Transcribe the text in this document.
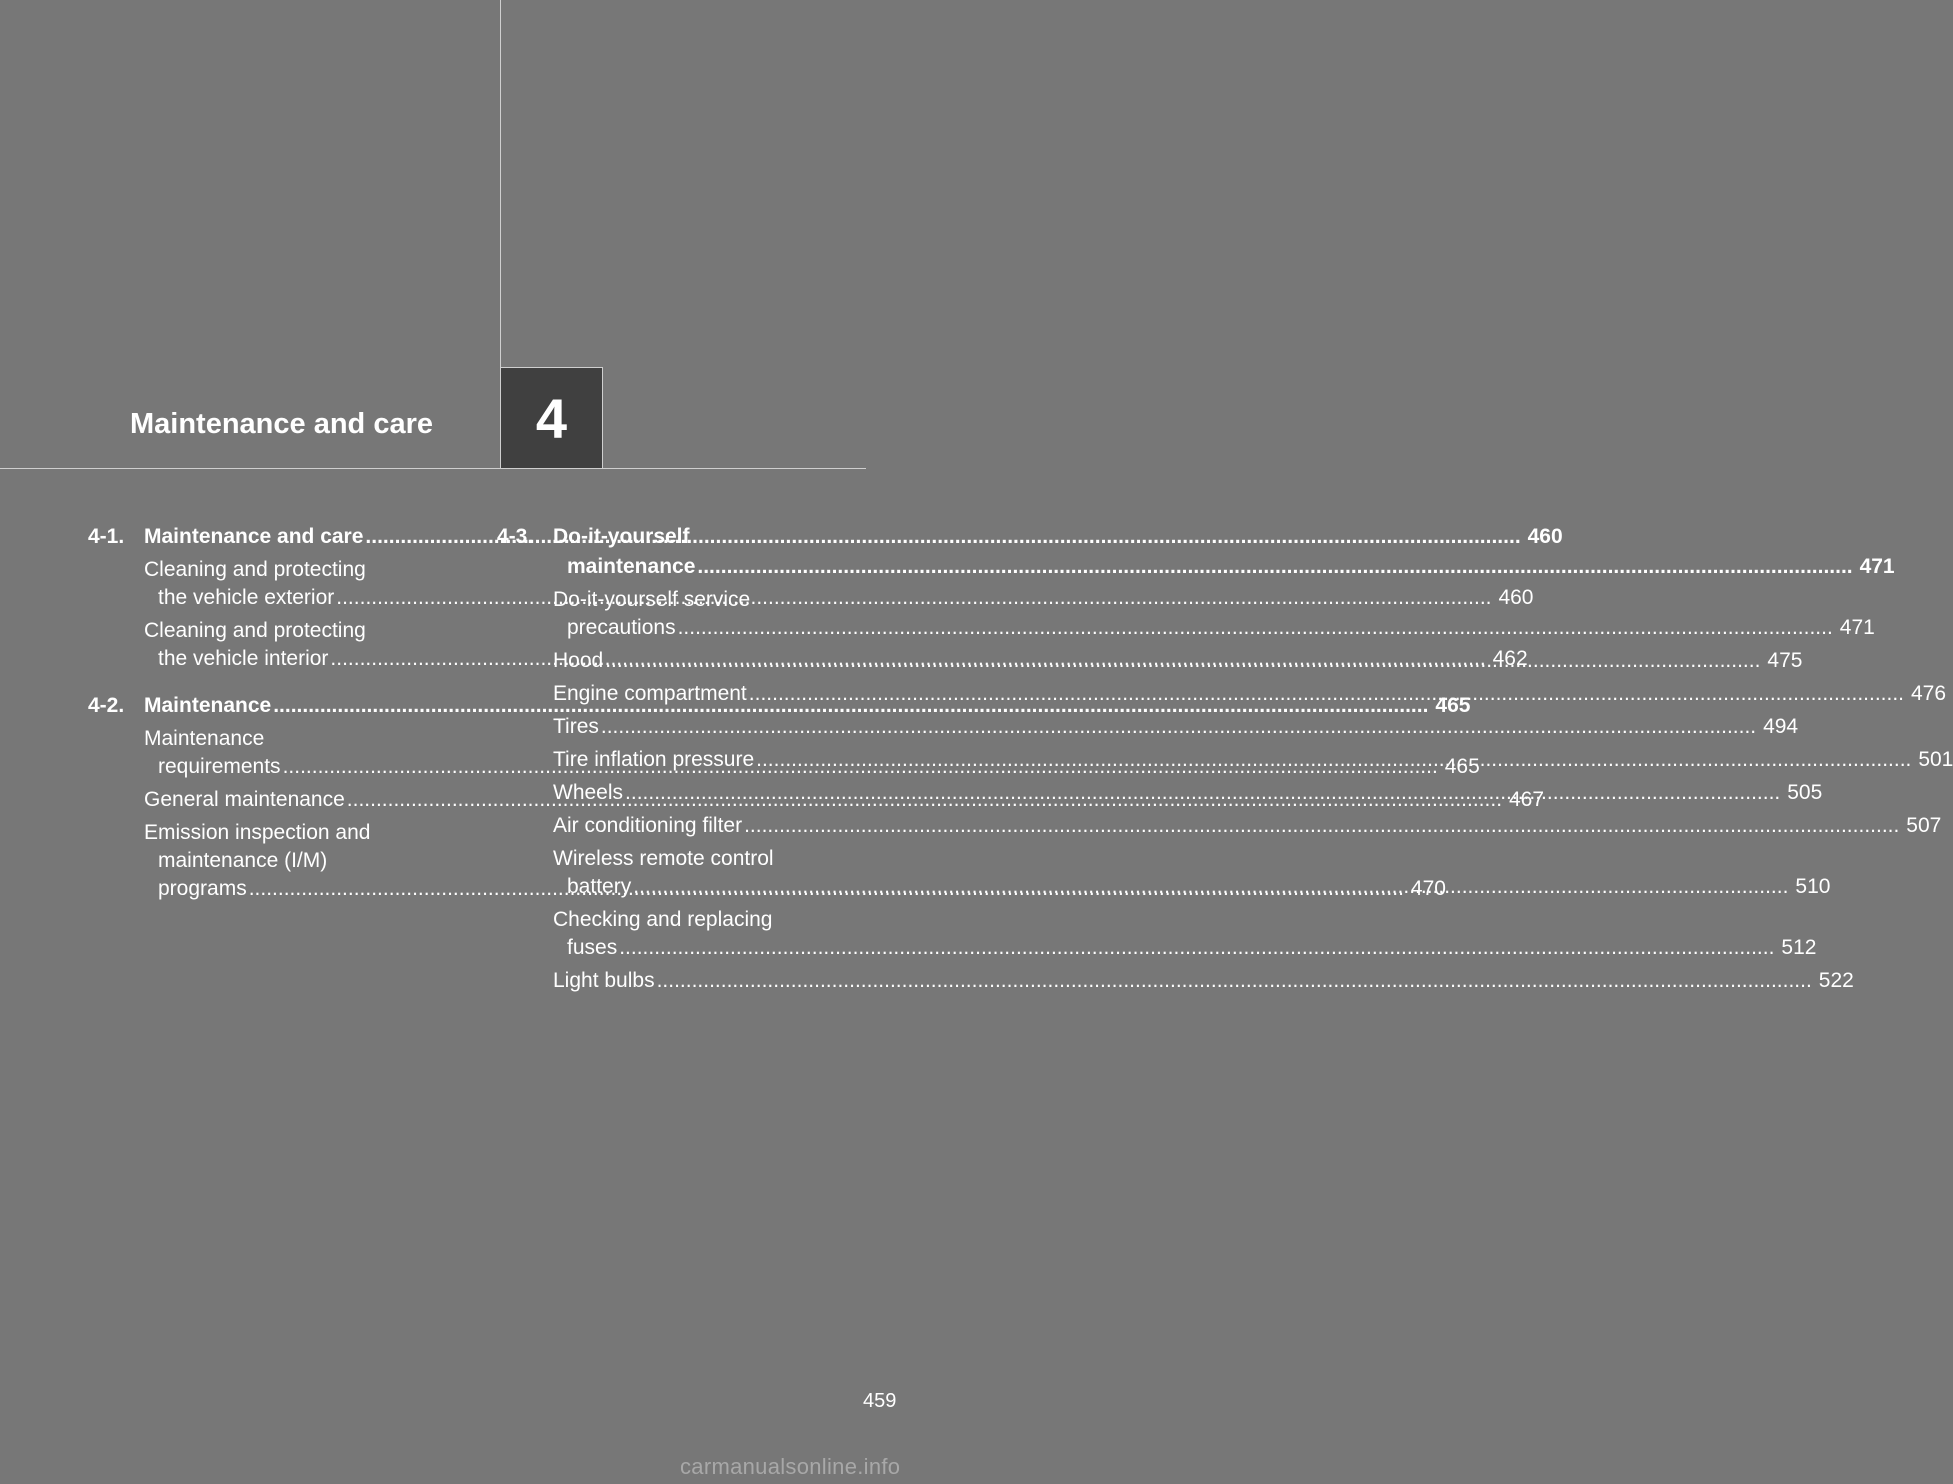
Maintenance and care 4
4-1. Maintenance and care .....	460
Cleaning and protecting
the vehicle exterior .....	460
Cleaning and protecting
the vehicle interior .....	462
4-2. Maintenance .....	465
Maintenance
requirements .....	465
General maintenance .....	467
Emission inspection and
maintenance (I/M)
programs .....	470
4-3. Do-it-yourself
maintenance .....	471
Do-it-yourself service
precautions .....	471
Hood .....	475
Engine compartment .....	476
Tires .....	494
Tire inflation pressure .....	501
Wheels .....	505
Air conditioning filter .....	507
Wireless remote control
battery .....	510
Checking and replacing
fuses .....	512
Light bulbs .....	522
459
carmanualsonline.info
